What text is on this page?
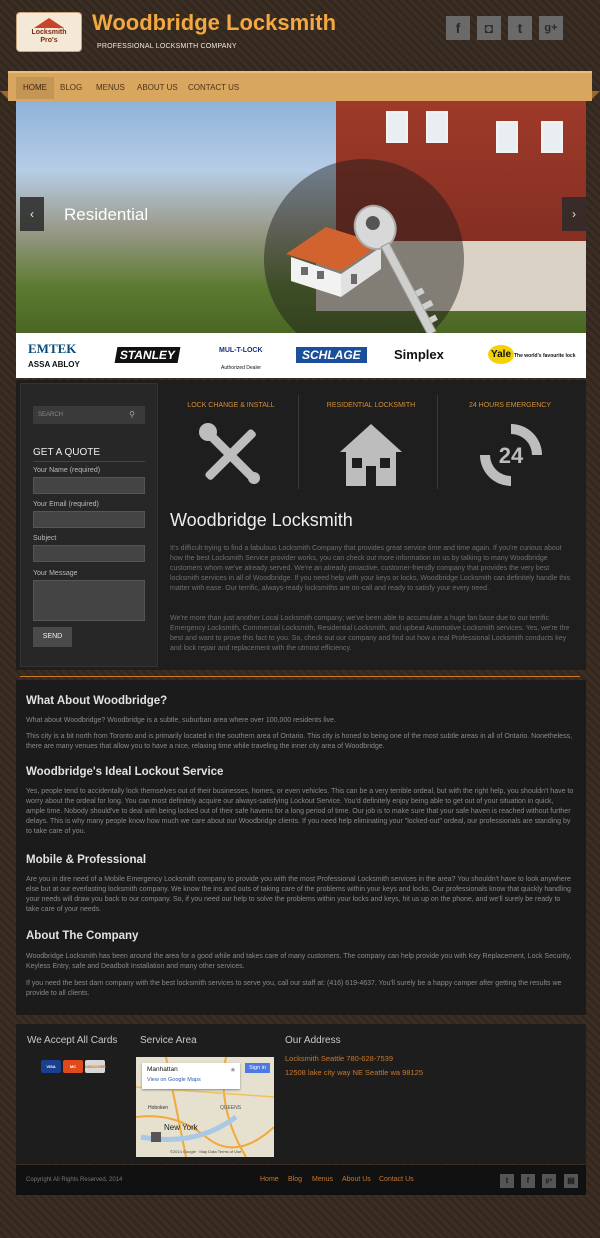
Locksmith
Pro's
Woodbridge Locksmith
PROFESSIONAL LOCKSMITH COMPANY
f	◘	t	g+
HOME	BLOG	MENUS	ABOUT US	CONTACT US
Residential
‹	›
EMTEK
ASSA ABLOY
STANLEY	MUL-T-LOCK
Authorized Dealer
SCHLAGE	Simplex	Yale The world's favourite lock
SEARCH	⚲
GET A QUOTE
Your Name (required)
Your Email (required)
Subject
Your Message
SEND
LOCK CHANGE & INSTALL	RESIDENTIAL LOCKSMITH	24 HOURS EMERGENCY
24
Woodbridge Locksmith
It's difficult trying to find a fabulous Locksmith Company that provides great service time and time again. If you're curious about how the best Locksmith Service provider works, you can check out more information on us by talking to many Woodbridge customers whom we've already served. We're an already proactive, customer-friendly company that provides the very best locksmith services in all of Woodbridge. If you need help with your keys or locks, Woodbridge Locksmith can definitely handle this matter with ease. Our terrific, always-ready locksmiths are on-call and ready to satisfy your every need.
We're more than just another Local Locksmith company; we've been able to accumulate a huge fan base due to our terrific Emergency Locksmith, Commercial Locksmith, Residential Locksmith, and upbeat Automotive Locksmith services. Yes, we're the best and want to prove this fact to you. So, check out our company and find out how a real Professional Locksmith conducts key and lock repair and replacement with the utmost efficiency.
What About Woodbridge?
What about Woodbridge? Woodbridge is a subtle, suburban area where over 100,000 residents live.
This city is a bit north from Toronto and is primarily located in the southern area of Ontario. This city is honed to being one of the most subtle areas in all of Ontario. Nonetheless, there are many venues that allow you to have a nice, relaxing time while traveling the inner city area of Woodbridge.
Woodbridge's Ideal Lockout Service
Yes, people tend to accidentally lock themselves out of their businesses, homes, or even vehicles. This can be a very terrible ordeal, but with the right help, you shouldn't have to worry about the ordeal for long. You can most definitely acquire our always-satisfying Lockout Service. You'd definitely enjoy being able to get out of your situation in quick, ample time. Nobody should've to deal with being locked out of their safe havens for a long period of time. Our job is to make sure that your safe haven is reached without further delays. This is why many people know how much we care about our Woodbridge clients. If you need help eliminating your "locked-out" ordeal, our professionals are standing by to take care of you.
Mobile & Professional
Are you in dire need of a Mobile Emergency Locksmith company to provide you with the most Professional Locksmith services in the area? You shouldn't have to look anywhere else but at our everlasting locksmith company. We know the ins and outs of taking care of the problems within your keys and locks. Our professionals know that quickly handling your needs will draw you back to our company. So, if you need our help to solve the problems within your locks and keys, hit us up on the phone, and we'll surely be ready to take care of your needs.
About The Company
Woodbridge Locksmith has been around the area for a good while and takes care of many customers. The company can help provide you with Key Replacement, Lock Security, Keyless Entry, safe and Deadbolt Installation and many other services.
If you need the best darn company with the best locksmith services to serve you, call our staff at: (416) 619-4637. You'll surely be a happy camper after getting the results we provide to all clients.
We Accept All Cards
VISA	MC	DISCOVER
Service Area
Manhattan
View on Google Maps
★	Sign in
Hoboken	QUEENS
New York
©2014 Google · Map Data Terms of Use
Our Address
Locksmith Seattle 780-628-7539
12508 lake city way NE Seattle wa 98125
Copyright All Rights Reserved, 2014	Home Blog Menus About Us Contact Us	t	f	g+	▤
